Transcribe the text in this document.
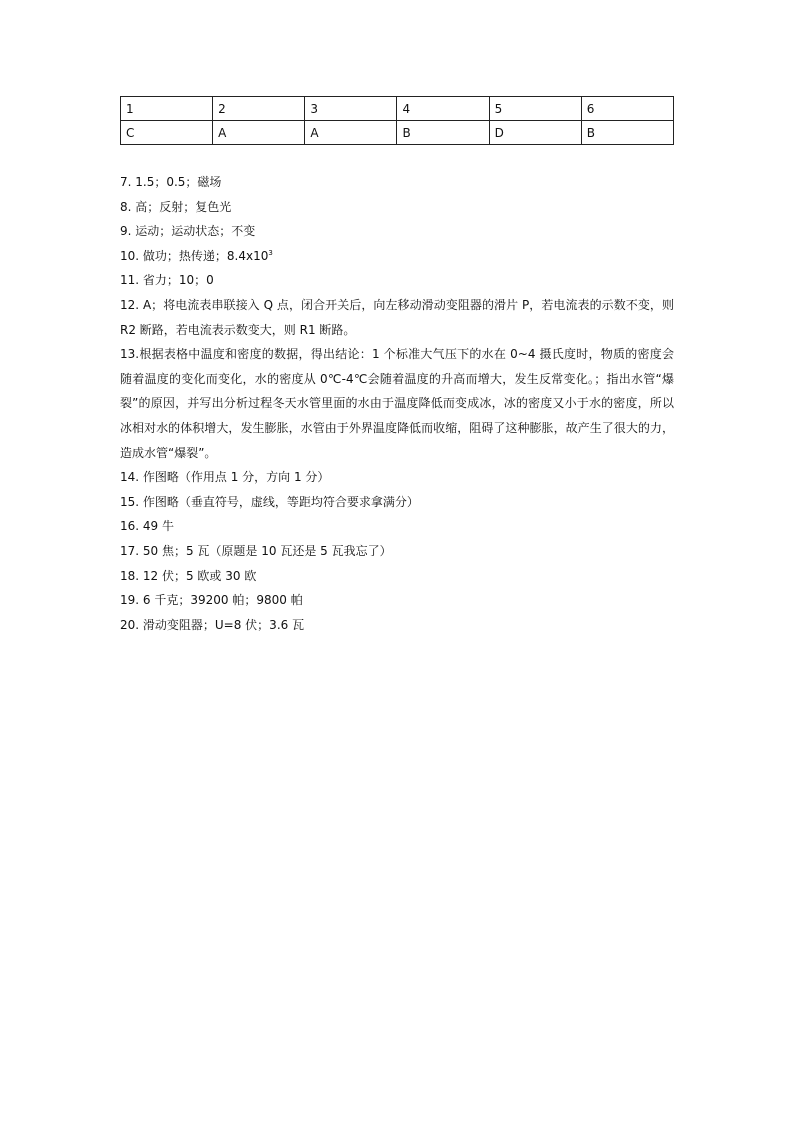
1	2	3	4	5	6
C	A	A	B	D	B
7. 1.5；0.5；磁场
8. 高；反射；复色光
9. 运动；运动状态；不变
10. 做功；热传递；$8.4x10^3$
11. 省力；10；0
12. A；将电流表串联接入 Q 点，闭合开关后，向左移动滑动变阻器的滑片 P，若电流表的示数不变，则 R2 断路，若电流表示数变大，则 R1 断路。
13.根据表格中温度和密度的数据，得出结论：1 个标准大气压下的水在 0~4 摄氏度时，物质的密度会随着温度的变化而变化，水的密度从 0℃-4℃会随着温度的升高而增大，发生反常变化。；指出水管“爆裂”的原因，并写出分析过程冬天水管里面的水由于温度降低而变成冰，冰的密度又小于水的密度，所以冰相对水的体积增大，发生膨胀，水管由于外界温度降低而收缩，阻碍了这种膨胀，故产生了很大的力，造成水管“爆裂”。
14. 作图略（作用点 1 分，方向 1 分）
15. 作图略（垂直符号，虚线，等距均符合要求拿满分）
16. 49 牛
17. 50 焦；5 瓦（原题是 10 瓦还是 5 瓦我忘了）
18. 12 伏；5 欧或 30 欧
19. 6 千克；39200 帕；9800 帕
20. 滑动变阻器；U=8 伏；3.6 瓦
